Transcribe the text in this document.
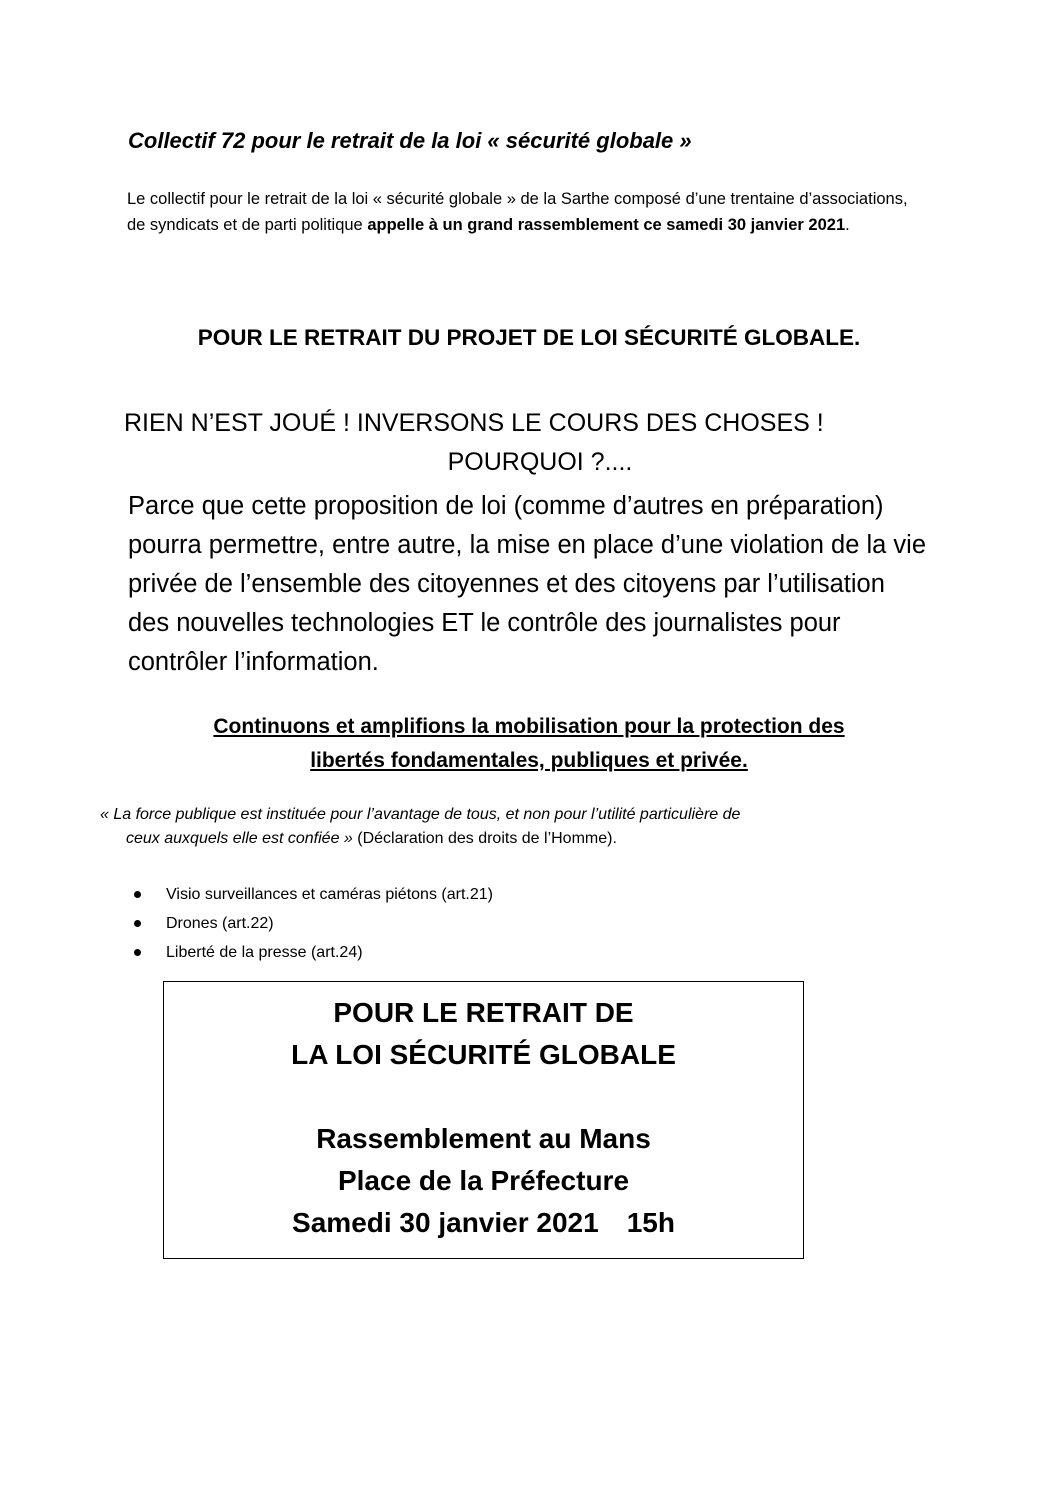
Collectif 72 pour le retrait de la loi « sécurité globale »
Le collectif pour le retrait de la loi « sécurité globale » de la Sarthe composé d’une trentaine d’associations, de syndicats et de parti politique appelle à un grand rassemblement ce samedi 30 janvier 2021.
POUR LE RETRAIT DU PROJET DE LOI SÉCURITÉ GLOBALE.
RIEN N’EST JOUÉ ! INVERSONS LE COURS DES CHOSES !
POURQUOI ?....
Parce que cette proposition de loi (comme d’autres en préparation) pourra permettre, entre autre, la mise en place d’une violation de la vie privée de l’ensemble des citoyennes et des citoyens par l’utilisation des nouvelles technologies ET le contrôle des journalistes pour contrôler l’information.
Continuons et amplifions la mobilisation pour la protection des
libertés fondamentales, publiques et privée.
« La force publique est instituée pour l’avantage de tous, et non pour l’utilité particulière de
ceux auxquels elle est confiée » (Déclaration des droits de l’Homme).
Visio surveillances et caméras piétons (art.21)
Drones (art.22)
Liberté de la presse (art.24)
POUR LE RETRAIT DE
LA LOI SÉCURITÉ GLOBALE
Rassemblement au Mans
Place de la Préfecture
Samedi 30 janvier 2021 15h
